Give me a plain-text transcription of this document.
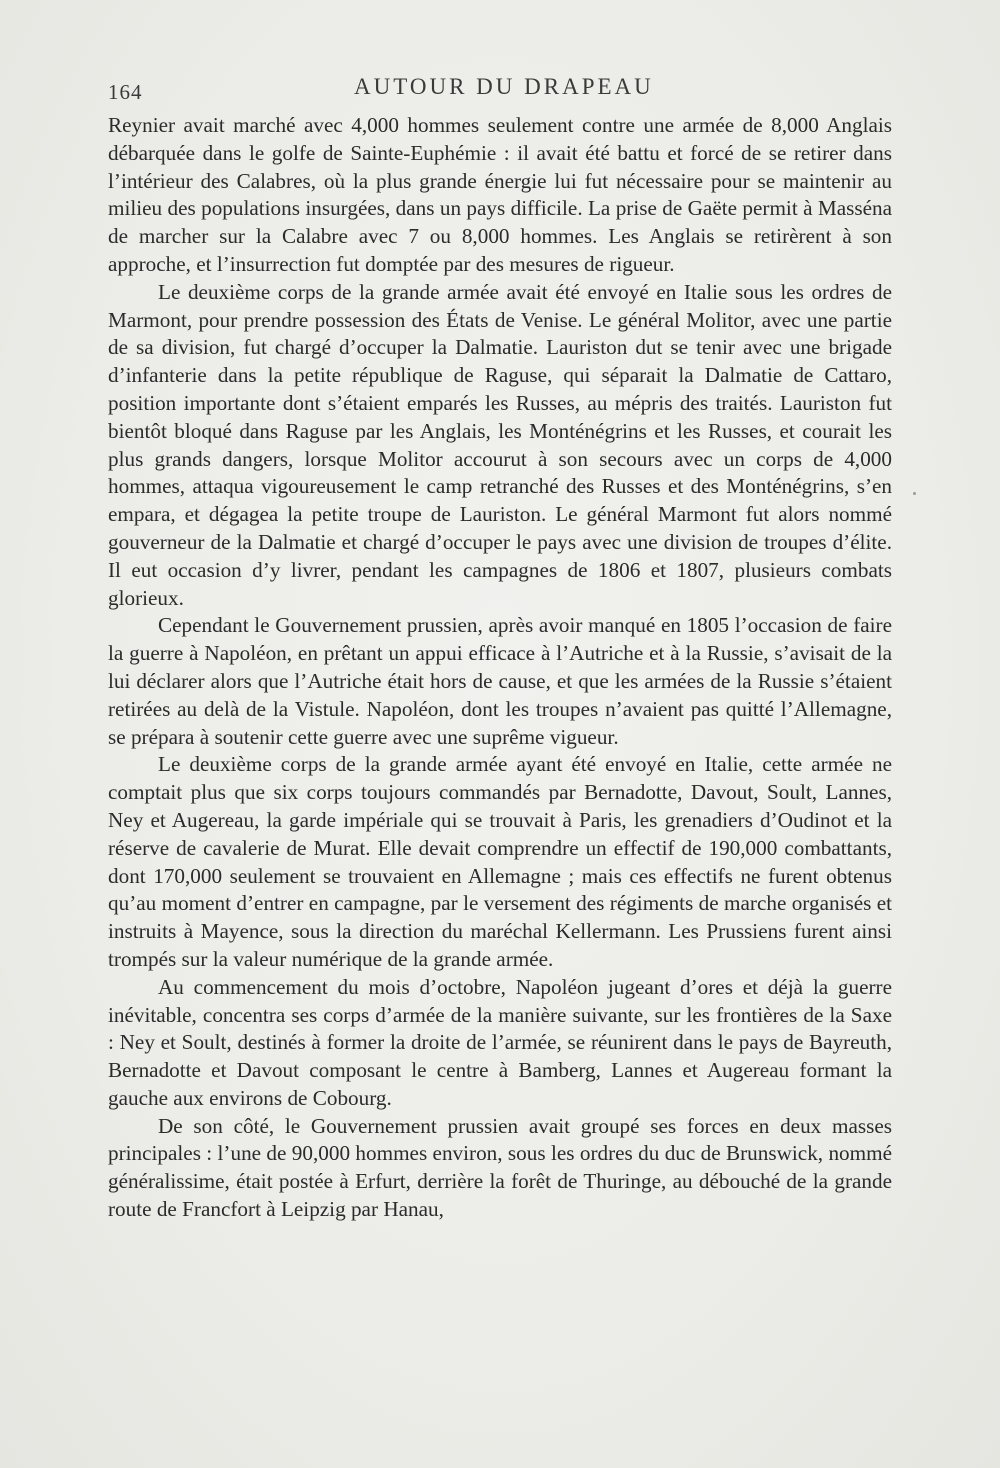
164	AUTOUR DU DRAPEAU

Reynier avait marché avec 4,000 hommes seulement contre une armée de 8,000 Anglais débarquée dans le golfe de Sainte-Euphémie : il avait été battu et forcé de se retirer dans l’intérieur des Calabres, où la plus grande énergie lui fut nécessaire pour se maintenir au milieu des populations insurgées, dans un pays difficile. La prise de Gaëte permit à Masséna de marcher sur la Calabre avec 7 ou 8,000 hommes. Les Anglais se retirèrent à son approche, et l’insurrection fut domptée par des mesures de rigueur.

Le deuxième corps de la grande armée avait été envoyé en Italie sous les ordres de Marmont, pour prendre possession des États de Venise. Le général Molitor, avec une partie de sa division, fut chargé d’occuper la Dalmatie. Lauriston dut se tenir avec une brigade d’infanterie dans la petite république de Raguse, qui séparait la Dalmatie de Cattaro, position importante dont s’étaient emparés les Russes, au mépris des traités. Lauriston fut bientôt bloqué dans Raguse par les Anglais, les Monténégrins et les Russes, et courait les plus grands dangers, lorsque Molitor accourut à son secours avec un corps de 4,000 hommes, attaqua vigoureusement le camp retranché des Russes et des Monténégrins, s’en empara, et dégagea la petite troupe de Lauriston. Le général Marmont fut alors nommé gouverneur de la Dalmatie et chargé d’occuper le pays avec une division de troupes d’élite. Il eut occasion d’y livrer, pendant les campagnes de 1806 et 1807, plusieurs combats glorieux.

Cependant le Gouvernement prussien, après avoir manqué en 1805 l’occasion de faire la guerre à Napoléon, en prêtant un appui efficace à l’Autriche et à la Russie, s’avisait de la lui déclarer alors que l’Autriche était hors de cause, et que les armées de la Russie s’étaient retirées au delà de la Vistule. Napoléon, dont les troupes n’avaient pas quitté l’Allemagne, se prépara à soutenir cette guerre avec une suprême vigueur.

Le deuxième corps de la grande armée ayant été envoyé en Italie, cette armée ne comptait plus que six corps toujours commandés par Bernadotte, Davout, Soult, Lannes, Ney et Augereau, la garde impériale qui se trouvait à Paris, les grenadiers d’Oudinot et la réserve de cavalerie de Murat. Elle devait comprendre un effectif de 190,000 combattants, dont 170,000 seulement se trouvaient en Allemagne ; mais ces effectifs ne furent obtenus qu’au moment d’entrer en campagne, par le versement des régiments de marche organisés et instruits à Mayence, sous la direction du maréchal Kellermann. Les Prussiens furent ainsi trompés sur la valeur numérique de la grande armée.

Au commencement du mois d’octobre, Napoléon jugeant d’ores et déjà la guerre inévitable, concentra ses corps d’armée de la manière suivante, sur les frontières de la Saxe : Ney et Soult, destinés à former la droite de l’armée, se réunirent dans le pays de Bayreuth, Bernadotte et Davout composant le centre à Bamberg, Lannes et Augereau formant la gauche aux environs de Cobourg.

De son côté, le Gouvernement prussien avait groupé ses forces en deux masses principales : l’une de 90,000 hommes environ, sous les ordres du duc de Brunswick, nommé généralissime, était postée à Erfurt, derrière la forêt de Thuringe, au débouché de la grande route de Francfort à Leipzig par Hanau,
